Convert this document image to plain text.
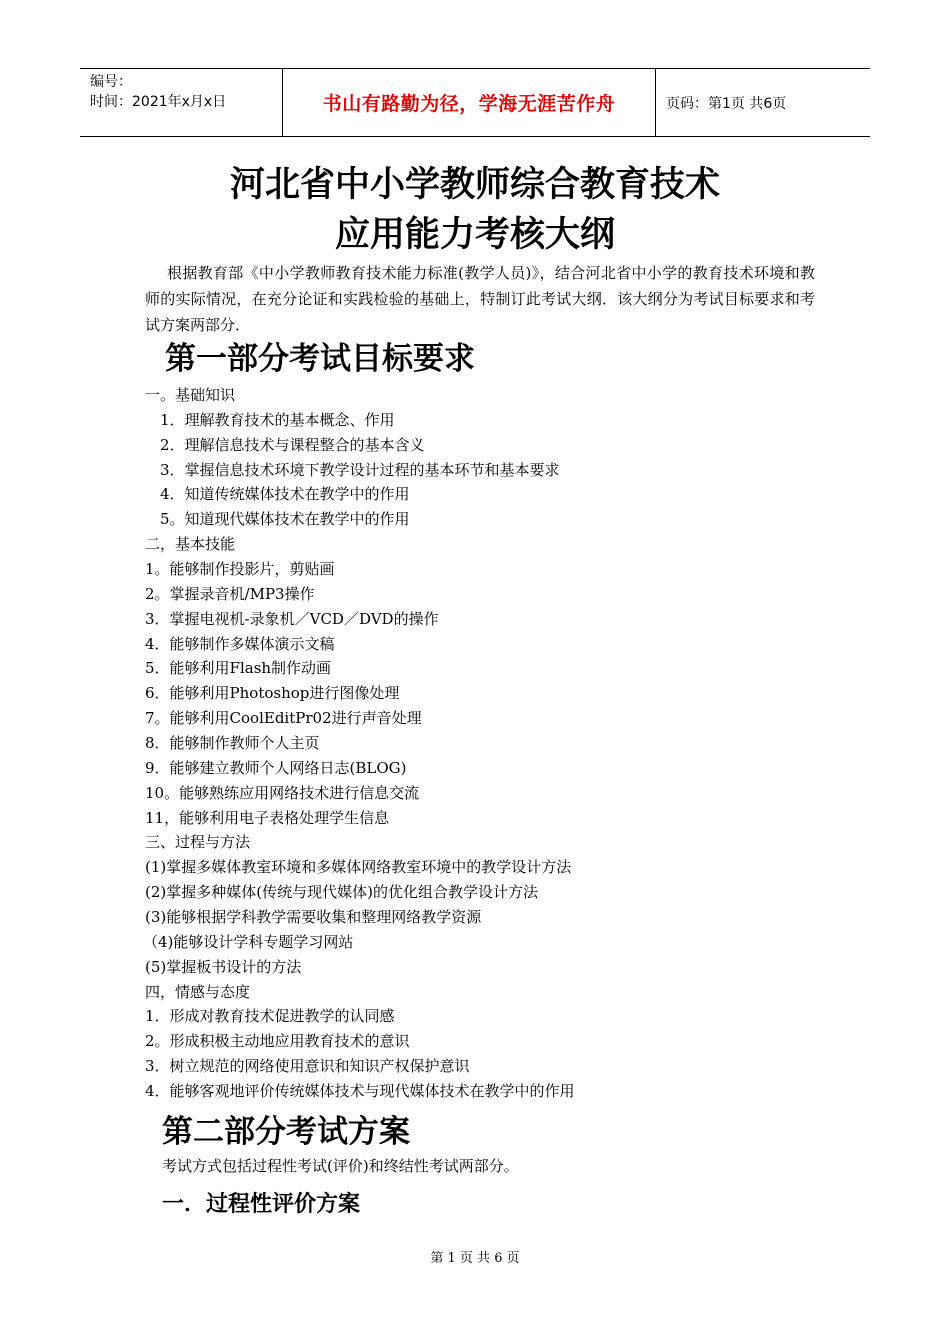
编号：
时间：2021年x月x日	书山有路勤为径，学海无涯苦作舟	页码：第1页 共6页
河北省中小学教师综合教育技术
应用能力考核大纲
根据教育部《中小学教师教育技术能力标准(教学人员)》，结合河北省中小学的教育技术环境和教师的实际情况，在充分论证和实践检验的基础上，特制订此考试大纲．该大纲分为考试目标要求和考试方案两部分．
第一部分考试目标要求
一。基础知识
1．理解教育技术的基本概念、作用
2．理解信息技术与课程整合的基本含义
3．掌握信息技术环境下教学设计过程的基本环节和基本要求
4．知道传统媒体技术在教学中的作用
5。知道现代媒体技术在教学中的作用
二，基本技能
1。能够制作投影片，剪贴画
2。掌握录音机/MP3操作
3．掌握电视机-录象机／VCD／DVD的操作
4．能够制作多媒体演示文稿
5．能够利用Flash制作动画
6．能够利用Photoshop进行图像处理
7。能够利用CoolEditPr02进行声音处理
8．能够制作教师个人主页
9．能够建立教师个人网络日志(BLOG)
10。能够熟练应用网络技术进行信息交流
11，能够利用电子表格处理学生信息
三、过程与方法
(1)掌握多媒体教室环境和多媒体网络教室环境中的教学设计方法
(2)掌握多种媒体(传统与现代媒体)的优化组合教学设计方法
(3)能够根据学科教学需要收集和整理网络教学资源
（4)能够设计学科专题学习网站
(5)掌握板书设计的方法
四，情感与态度
1．形成对教育技术促进教学的认同感
2。形成积极主动地应用教育技术的意识
3．树立规范的网络使用意识和知识产权保护意识
4．能够客观地评价传统媒体技术与现代媒体技术在教学中的作用
第二部分考试方案
考试方式包括过程性考试(评价)和终结性考试两部分。
一．过程性评价方案
第 1 页 共 6 页
